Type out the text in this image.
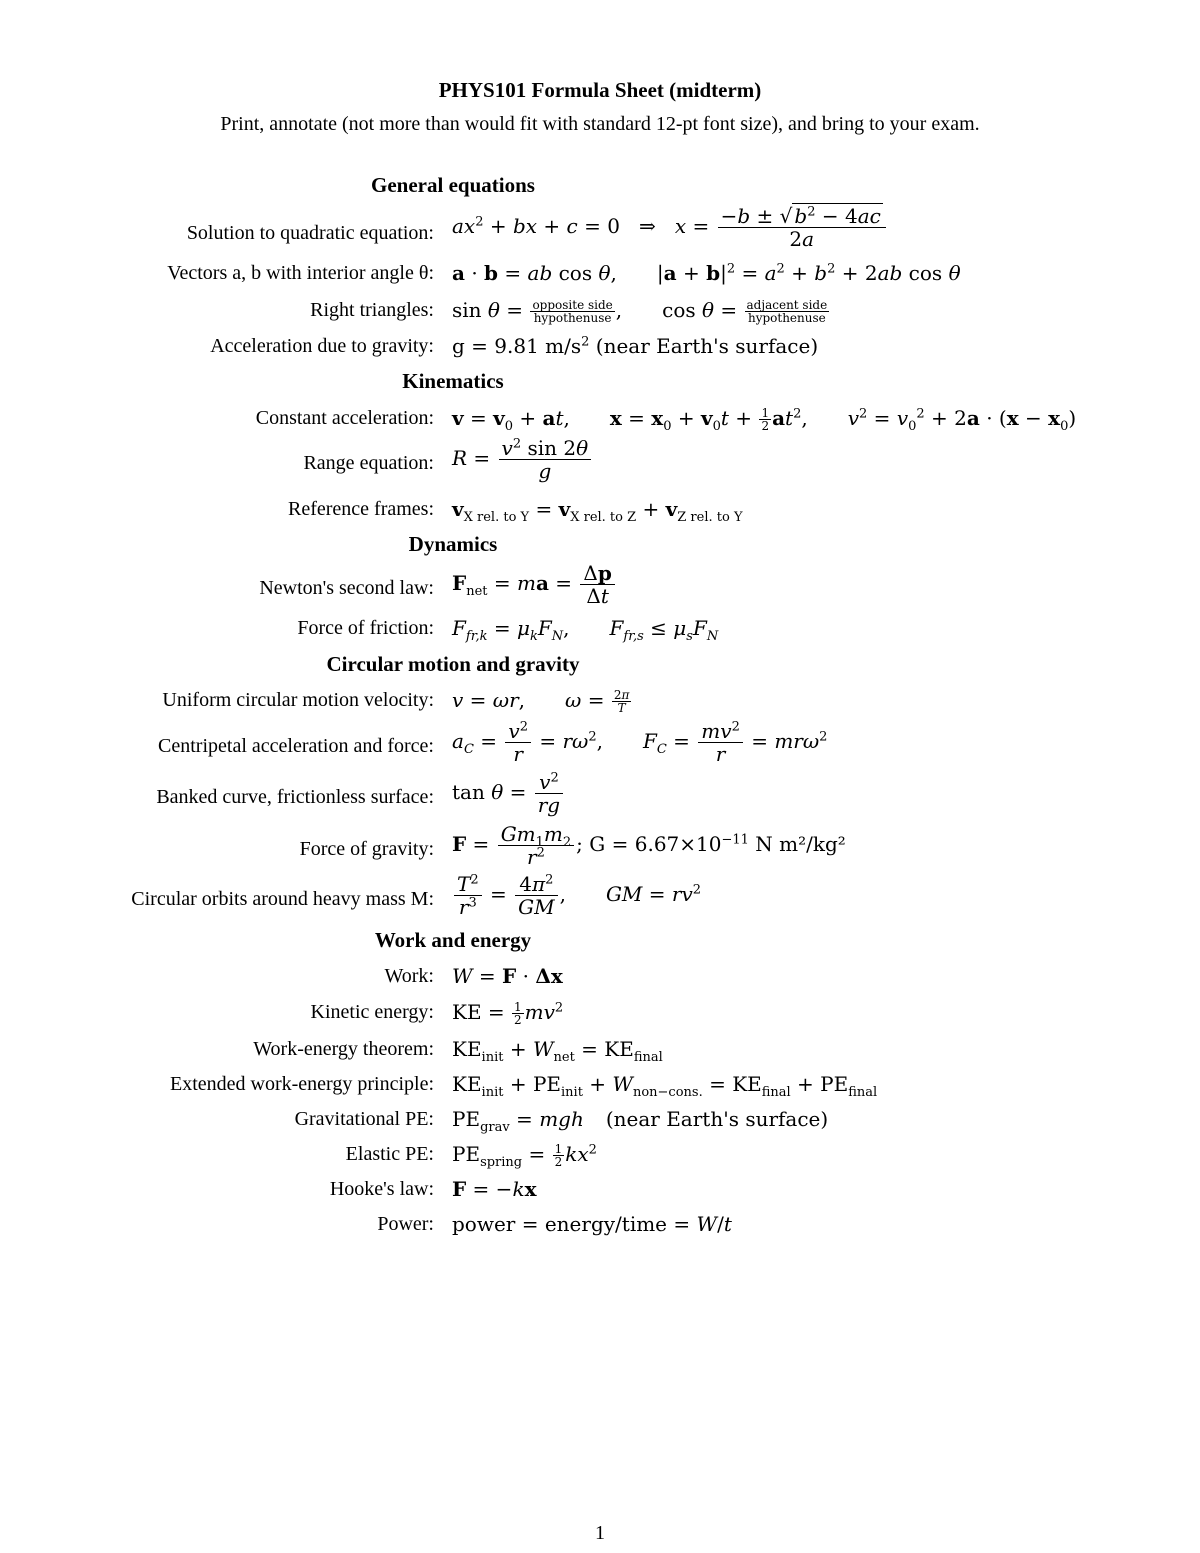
PHYS101 Formula Sheet (midterm)
Print, annotate (not more than would fit with standard 12-pt font size), and bring to your exam.
General equations
Solution to quadratic equation: $ax^2$ + bx + c = 0   ⇒   $x = \frac{-b \pm √ b^2 - 4ac}{2a}$
Vectors a, b with interior angle θ: a · b = ab cos θ, $|a + b|^2 = a^2 + b^2 + 2ab$ cos θ
Right triangles: $\sin \theta = \frac{\text{opposite side}}{\text{hypothenuse}}$ , $\cos \theta = \frac{\text{adjacent side}}{\text{hypothenuse}}$
Acceleration due to gravity: g = 9.81 $m/s^2$ (near Earth's surface)
Kinematics
Constant acceleration: $v = v_0$ + at, $x = x_0 + v_0t + \frac{1}{2} at^2$, $v^2 = v_0^2 + 2a \cdot (x - x_0)$
Range equation: $R = \frac{v^2 \sin 2\theta}{g}$
Reference frames: $v_{X rel. to Y} = v_{X rel. to Z} + v_{Z rel. to Y}$
Dynamics
Newton's second law: $F_{net}$ = ma = $\frac{\Delta p}{\Delta t}$
Force of friction: $F_{fr,k} = \mu_kF_N$, $F_{fr,s} \le \mu_sF_N$
Circular motion and gravity
Uniform circular motion velocity: v = ωr, $\omega = \frac{2\pi}{T}$
Centripetal acceleration and force: $a_C = \frac{v^2}{r} = r\omega^2$, $F_C = \frac{mv^2}{r} = mr\omega^2$
Banked curve, frictionless surface: $\tan \theta = \frac{v^2}{rg}$
Force of gravity: $F = \frac{Gm_1m_2}{r^2}$ ; $G = 6.67\times 10^{-11}$ N m²/kg²
Circular orbits around heavy mass M: $\frac{T^2}{r^3} = \frac{4\pi^2}{GM}$ , GM = $rv^2$
Work and energy
Work: W = F · Δx
Kinetic energy: KE = $\frac{1}{2} mv^2$
Work-energy theorem: $KE_{init} + W_{net} = KE_{final}$
Extended work-energy principle: $KE_{init} + PE_{init} + W_{non-cons.} = KE_{final} + PE_{final}$
Gravitational PE: $PE_{grav}$ = mgh (near Earth's surface)
Elastic PE: $PE_{spring} = \frac{1}{2} kx^2$
Hooke's law: F = −kx
Power: power = energy/time = W/t
1
